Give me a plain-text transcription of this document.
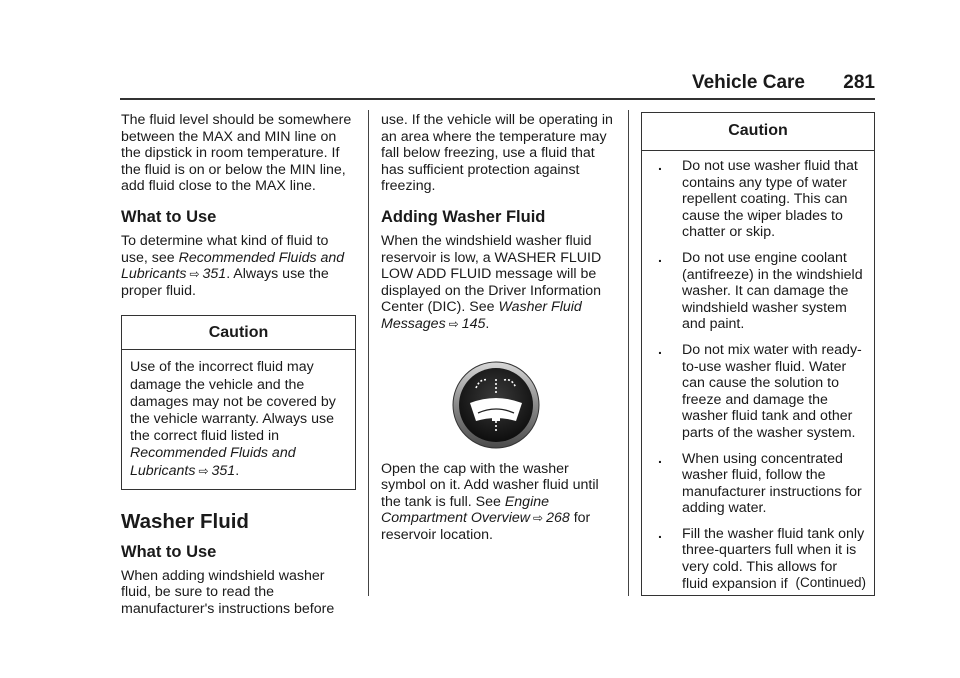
Vehicle Care 281

The fluid level should be somewhere between the MAX and MIN line on the dipstick in room temperature. If the fluid is on or below the MIN line, add fluid close to the MAX line.

What to Use

To determine what kind of fluid to use, see Recommended Fluids and Lubricants ⇨ 351. Always use the proper fluid.

Caution
Use of the incorrect fluid may damage the vehicle and the damages may not be covered by the vehicle warranty. Always use the correct fluid listed in Recommended Fluids and Lubricants ⇨ 351.
Washer Fluid
What to Use

When adding windshield washer fluid, be sure to read the manufacturer's instructions before

use. If the vehicle will be operating in an area where the temperature may fall below freezing, use a fluid that has sufficient protection against freezing.

Adding Washer Fluid

When the windshield washer fluid reservoir is low, a WASHER FLUID LOW ADD FLUID message will be displayed on the Driver Information Center (DIC). See Washer Fluid Messages ⇨ 145.

Open the cap with the washer symbol on it. Add washer fluid until the tank is full. See Engine Compartment Overview ⇨ 268 for reservoir location.

Caution
. Do not use washer fluid that contains any type of water repellent coating. This can cause the wiper blades to chatter or skip.
. Do not use engine coolant (antifreeze) in the windshield washer. It can damage the windshield washer system and paint.
. Do not mix water with ready-to-use washer fluid. Water can cause the solution to freeze and damage the washer fluid tank and other parts of the washer system.
. When using concentrated washer fluid, follow the manufacturer instructions for adding water.
. Fill the washer fluid tank only three-quarters full when it is very cold. This allows for fluid expansion if (Continued)
